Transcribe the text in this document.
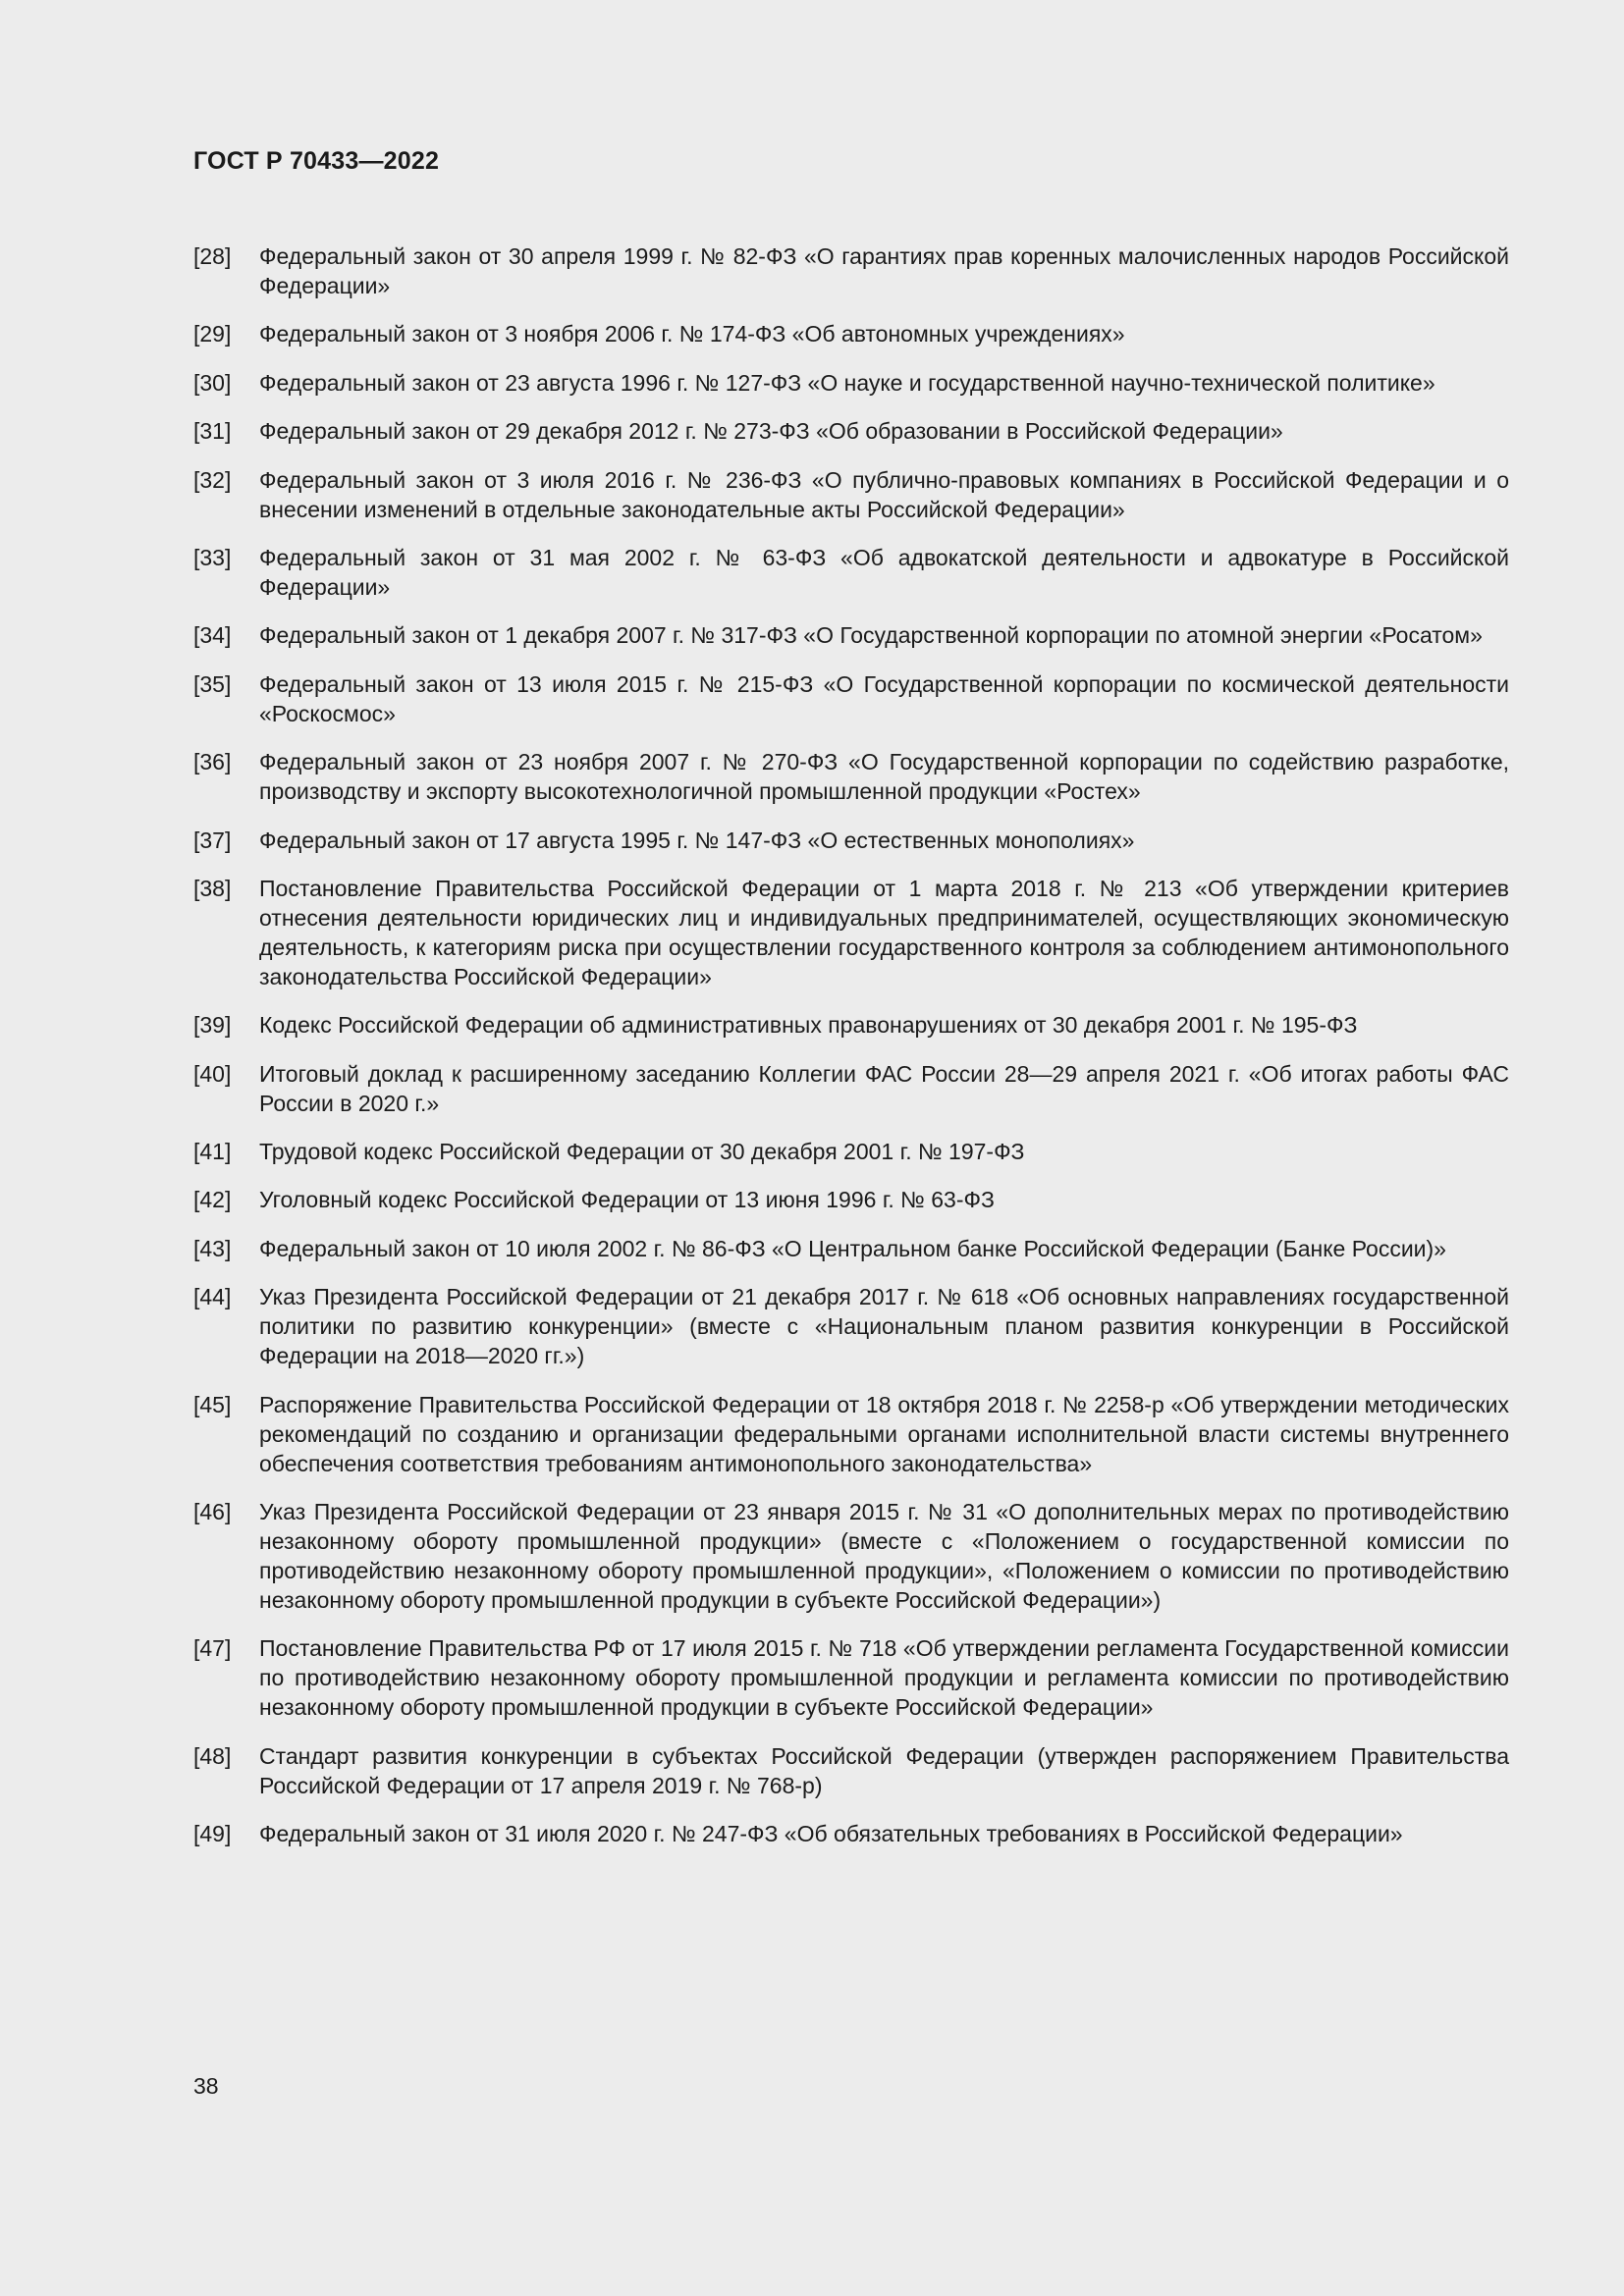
ГОСТ Р 70433—2022
[28]	Федеральный закон от 30 апреля 1999 г. № 82-ФЗ «О гарантиях прав коренных малочисленных народов Российской Федерации»
[29]	Федеральный закон от 3 ноября 2006 г. № 174-ФЗ «Об автономных учреждениях»
[30]	Федеральный закон от 23 августа 1996 г. № 127-ФЗ «О науке и государственной научно-технической политике»
[31]	Федеральный закон от 29 декабря 2012 г. № 273-ФЗ «Об образовании в Российской Федерации»
[32]	Федеральный закон от 3 июля 2016 г. № 236-ФЗ «О публично-правовых компаниях в Российской Федерации и о внесении изменений в отдельные законодательные акты Российской Федерации»
[33]	Федеральный закон от 31 мая 2002 г. № 63-ФЗ «Об адвокатской деятельности и адвокатуре в Российской Федерации»
[34]	Федеральный закон от 1 декабря 2007 г. № 317-ФЗ «О Государственной корпорации по атомной энергии «Росатом»
[35]	Федеральный закон от 13 июля 2015 г. № 215-ФЗ «О Государственной корпорации по космической деятельности «Роскосмос»
[36]	Федеральный закон от 23 ноября 2007 г. № 270-ФЗ «О Государственной корпорации по содействию разработке, производству и экспорту высокотехнологичной промышленной продукции «Ростех»
[37]	Федеральный закон от 17 августа 1995 г. № 147-ФЗ «О естественных монополиях»
[38]	Постановление Правительства Российской Федерации от 1 марта 2018 г. № 213 «Об утверждении критериев отнесения деятельности юридических лиц и индивидуальных предпринимателей, осуществляющих экономическую деятельность, к категориям риска при осуществлении государственного контроля за соблюдением антимонопольного законодательства Российской Федерации»
[39]	Кодекс Российской Федерации об административных правонарушениях от 30 декабря 2001 г. № 195-ФЗ
[40]	Итоговый доклад к расширенному заседанию Коллегии ФАС России 28—29 апреля 2021 г. «Об итогах работы ФАС России в 2020 г.»
[41]	Трудовой кодекс Российской Федерации от 30 декабря 2001 г. № 197-ФЗ
[42]	Уголовный кодекс Российской Федерации от 13 июня 1996 г. № 63-ФЗ
[43]	Федеральный закон от 10 июля 2002 г. № 86-ФЗ «О Центральном банке Российской Федерации (Банке России)»
[44]	Указ Президента Российской Федерации от 21 декабря 2017 г. № 618 «Об основных направлениях государственной политики по развитию конкуренции» (вместе с «Национальным планом развития конкуренции в Российской Федерации на 2018—2020 гг.»)
[45]	Распоряжение Правительства Российской Федерации от 18 октября 2018 г. № 2258-р «Об утверждении методических рекомендаций по созданию и организации федеральными органами исполнительной власти системы внутреннего обеспечения соответствия требованиям антимонопольного законодательства»
[46]	Указ Президента Российской Федерации от 23 января 2015 г. № 31 «О дополнительных мерах по противодействию незаконному обороту промышленной продукции» (вместе с «Положением о государственной комиссии по противодействию незаконному обороту промышленной продукции», «Положением о комиссии по противодействию незаконному обороту промышленной продукции в субъекте Российской Федерации»)
[47]	Постановление Правительства РФ от 17 июля 2015 г. № 718 «Об утверждении регламента Государственной комиссии по противодействию незаконному обороту промышленной продукции и регламента комиссии по противодействию незаконному обороту промышленной продукции в субъекте Российской Федерации»
[48]	Стандарт развития конкуренции в субъектах Российской Федерации (утвержден распоряжением Правительства Российской Федерации от 17 апреля 2019 г. № 768-р)
[49]	Федеральный закон от 31 июля 2020 г. № 247-ФЗ «Об обязательных требованиях в Российской Федерации»
38
